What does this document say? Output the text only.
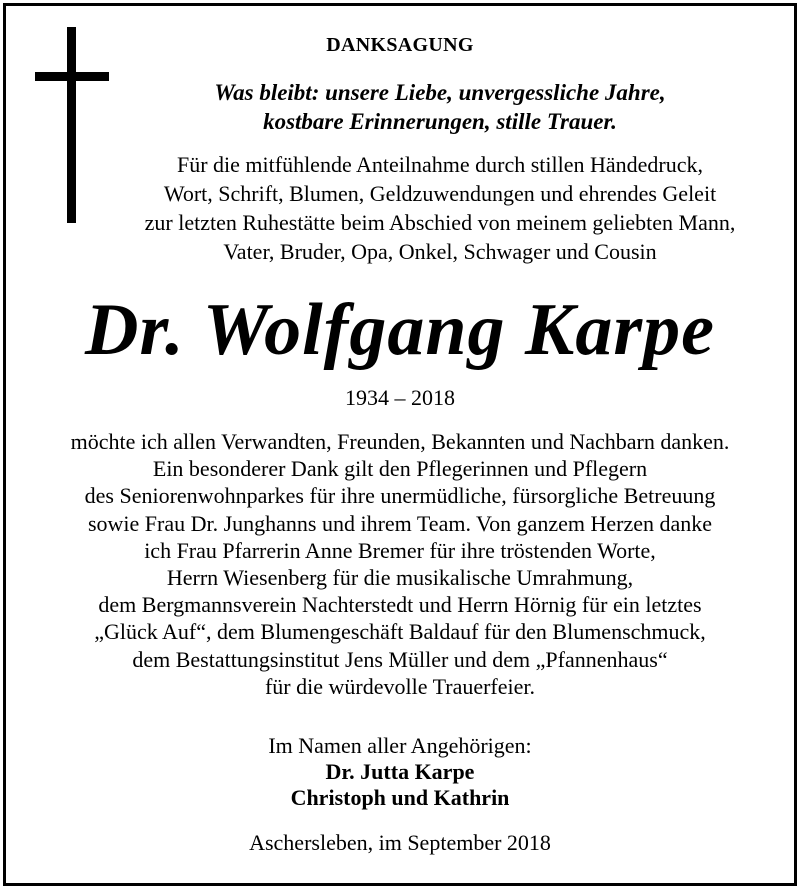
DANKSAGUNG
Was bleibt: unsere Liebe, unvergessliche Jahre,
kostbare Erinnerungen, stille Trauer.
Für die mitfühlende Anteilnahme durch stillen Händedruck,
Wort, Schrift, Blumen, Geldzuwendungen und ehrendes Geleit
zur letzten Ruhestätte beim Abschied von meinem geliebten Mann,
Vater, Bruder, Opa, Onkel, Schwager und Cousin
Dr. Wolfgang Karpe
1934 – 2018
möchte ich allen Verwandten, Freunden, Bekannten und Nachbarn danken.
Ein besonderer Dank gilt den Pflegerinnen und Pflegern
des Seniorenwohnparkes für ihre unermüdliche, fürsorgliche Betreuung
sowie Frau Dr. Junghanns und ihrem Team. Von ganzem Herzen danke
ich Frau Pfarrerin Anne Bremer für ihre tröstenden Worte,
Herrn Wiesenberg für die musikalische Umrahmung,
dem Bergmannsverein Nachterstedt und Herrn Hörnig für ein letztes
„Glück Auf“, dem Blumengeschäft Baldauf für den Blumenschmuck,
dem Bestattungsinstitut Jens Müller und dem „Pfannenhaus“
für die würdevolle Trauerfeier.
Im Namen aller Angehörigen:
Dr. Jutta Karpe
Christoph und Kathrin
Aschersleben, im September 2018
